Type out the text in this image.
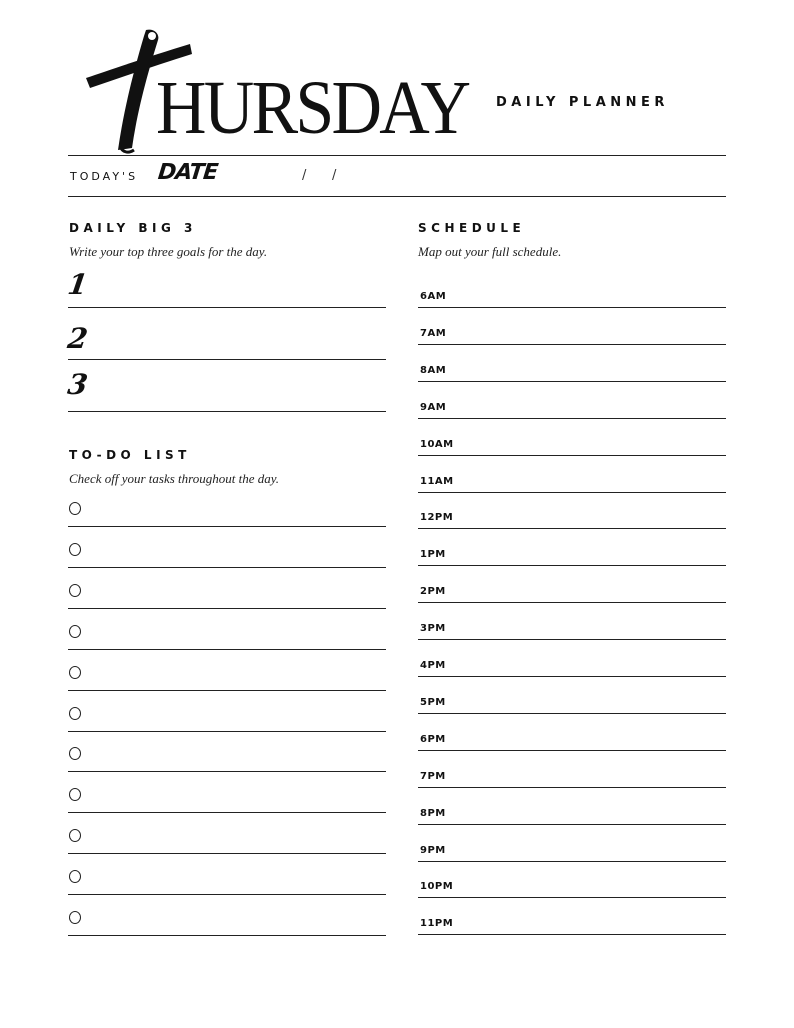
HURSDAY DAILY PLANNER
TODAY'S DATE	/ /
DAILY BIG 3
Write your top three goals for the day.
1
2
3
TO-DO LIST
Check off your tasks throughout the day.
SCHEDULE
Map out your full schedule.
6AM
7AM
8AM
9AM
10AM
11AM
12PM
1PM
2PM
3PM
4PM
5PM
6PM
7PM
8PM
9PM
10PM
11PM
